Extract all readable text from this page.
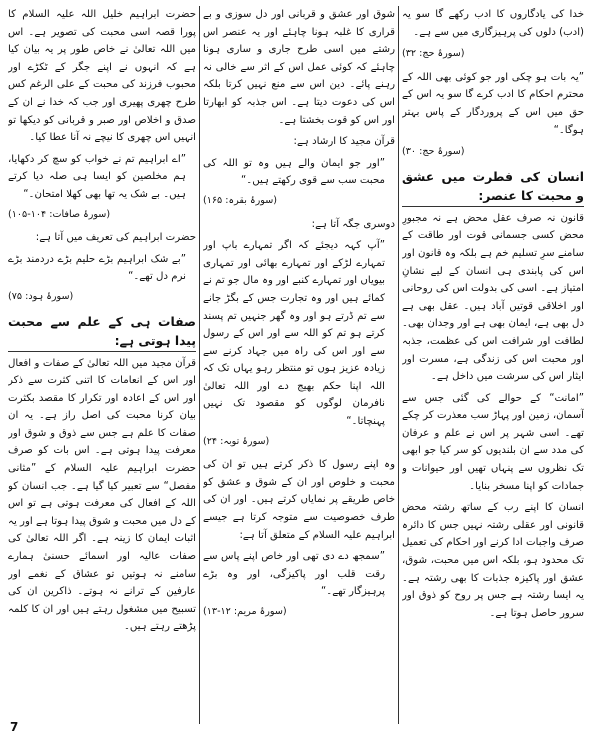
خدا کی یادگاروں کا ادب رکھے گا سو یہ (ادب) دلوں کی پرہیزگاری میں سے ہے۔

(سورۂ حج: ۳۲)

”یہ بات ہو چکی اور جو کوئی بھی اللہ کے محترم احکام کا ادب کرے گا سو یہ اس کے حق میں اس کے پروردگار کے پاس بہتر ہوگا۔“

(سورۂ حج: ۳۰)

انسان کی فطرت میں عشق و محبت کا عنصر:

قانون نہ صرف عقل محض ہے نہ مجبورِ محض کسی جسمانی قوت اور طاقت کے سامنے سرِ تسلیم خم ہے بلکہ وہ قانون اور اس کی پابندی ہی انسان کے لیے نشانِ امتیاز ہے۔ اسی کی بدولت اس کی روحانی اور اخلاقی قوتیں آباد ہیں۔ عقل بھی ہے دل بھی ہے، ایمان بھی ہے اور وجدان بھی۔ لطافت اور شرافت اس کی عظمت، جذبہ اور محبت اس کی زندگی ہے، مسرت اور ایثار اس کی سرشت میں داخل ہے۔

”امانت“ کے حوالے کی گئی جس سے آسمان، زمین اور پہاڑ سب معذرت کر چکے تھے۔ اسی شہر پر اس نے علم و عرفان کی مدد سے ان بلندیوں کو سر کیا جو ابھی تک نظروں سے پنہاں تھیں اور حیوانات و جمادات کو اپنا مسخر بنایا۔

انسان کا اپنے رب کے ساتھ رشتہ محض قانونی اور عقلی رشتہ نہیں جس کا دائرہ صرف واجبات ادا کرنے اور احکام کی تعمیل تک محدود ہو، بلکہ اس میں محبت، شوق، عشق اور پاکیزہ جذبات کا بھی رشتہ ہے۔ یہ ایسا رشتہ ہے جس پر روح کو ذوق اور سرور حاصل ہوتا ہے۔

شوق اور عشق و قربانی اور دل سوزی و بے قراری کا غلبہ ہونا چاہئے اور یہ عنصر اس رشتے میں اسی طرح جاری و ساری ہونا چاہئے کہ کوئی عمل اس کے اثر سے خالی نہ رہنے پائے۔ دین اس سے منع نہیں کرتا بلکہ اس کی دعوت دیتا ہے۔ اس جذبہ کو ابھارتا اور اس کو قوت بخشتا ہے۔

قرآن مجید کا ارشاد ہے:

”اور جو ایمان والے ہیں وہ تو اللہ کی محبت سب سے قوی رکھتے ہیں۔“

(سورۂ بقرہ: ۱۶۵)

دوسری جگہ آتا ہے:

”آپ کہہ دیجئے کہ اگر تمہارے باپ اور تمہارے لڑکے اور تمہارے بھائی اور تمہاری بیویاں اور تمہارے کنبے اور وہ مال جو تم نے کمائے ہیں اور وہ تجارت جس کے بگڑ جانے سے تم ڈرتے ہو اور وہ گھر جنہیں تم پسند کرتے ہو تم کو اللہ سے اور اس کے رسول سے اور اس کی راہ میں جہاد کرنے سے زیادہ عزیز ہوں تو منتظر رہو یہاں تک کہ اللہ اپنا حکم بھیج دے اور اللہ تعالیٰ نافرمان لوگوں کو مقصود تک نہیں پہنچاتا۔“

(سورۂ توبہ: ۲۴)

وہ اپنے رسول کا ذکر کرتے ہیں تو ان کی محبت و خلوص اور ان کے شوق و عشق کو خاص طریقے پر نمایاں کرتے ہیں۔ اور ان کی طرف خصوصیت سے متوجہ کرتا ہے جیسے ابراہیم علیہ السلام کے متعلق آتا ہے:

”سمجھ دے دی تھی اور خاص اپنے پاس سے رقت قلب اور پاکیزگی، اور وہ بڑے پرہیزگار تھے۔“

(سورۂ مریم: ۱۲-۱۳)

حضرت ابراہیم خلیل اللہ علیہ السلام کا پورا قصہ اسی محبت کی تصویر ہے۔ اس میں اللہ تعالیٰ نے خاص طور پر یہ بیان کیا ہے کہ انہوں نے اپنے جگر کے ٹکڑے اور محبوب فرزند کی محبت کے علی الرغم کس طرح چھری پھیری اور جب کہ خدا نے ان کے صدق و اخلاص اور صبر و قربانی کو دیکھا تو انہیں اس چھری کا نیچے نہ آنا عطا کیا۔

”اے ابراہیم تم نے خواب کو سچ کر دکھایا، ہم مخلصین کو ایسا ہی صلہ دیا کرتے ہیں۔ بے شک یہ تھا بھی کھلا امتحان۔“

(سورۂ صافات: ۱۰۴-۱۰۵)

حضرت ابراہیم کی تعریف میں آتا ہے:

”بے شک ابراہیم بڑے حلیم بڑے دردمند بڑے نرم دل تھے۔“

(سورۂ ہود: ۷۵)

صفات ہی کے علم سے محبت پیدا ہوتی ہے:

قرآن مجید میں اللہ تعالیٰ کے صفات و افعال اور اس کے انعامات کا اتنی کثرت سے ذکر اور اس کے اعادہ اور تکرار کا مقصد بکثرت بیان کرنا محبت کی اصل راز ہے۔ یہ ان صفات کا علم ہے جس سے ذوق و شوق اور معرفت پیدا ہوتی ہے۔ اس بات کو صرف حضرت ابراہیم علیہ السلام کے ”مثانی مفصل“ سے تعبیر کیا گیا ہے۔ جب انسان کو اللہ کے افعال کی معرفت ہوتی ہے تو اس کے دل میں محبت و شوق پیدا ہوتا ہے اور یہ اثبات ایمان کا زینہ ہے۔ اگر اللہ تعالیٰ کی صفات عالیہ اور اسمائے حسنیٰ ہمارے سامنے نہ ہوتیں تو عشاق کے نغمے اور عارفین کے ترانے نہ ہوتے۔ ذاکرین ان کی تسبیح میں مشغول رہتے ہیں اور ان کا کلمہ پڑھتے رہتے ہیں۔

7
